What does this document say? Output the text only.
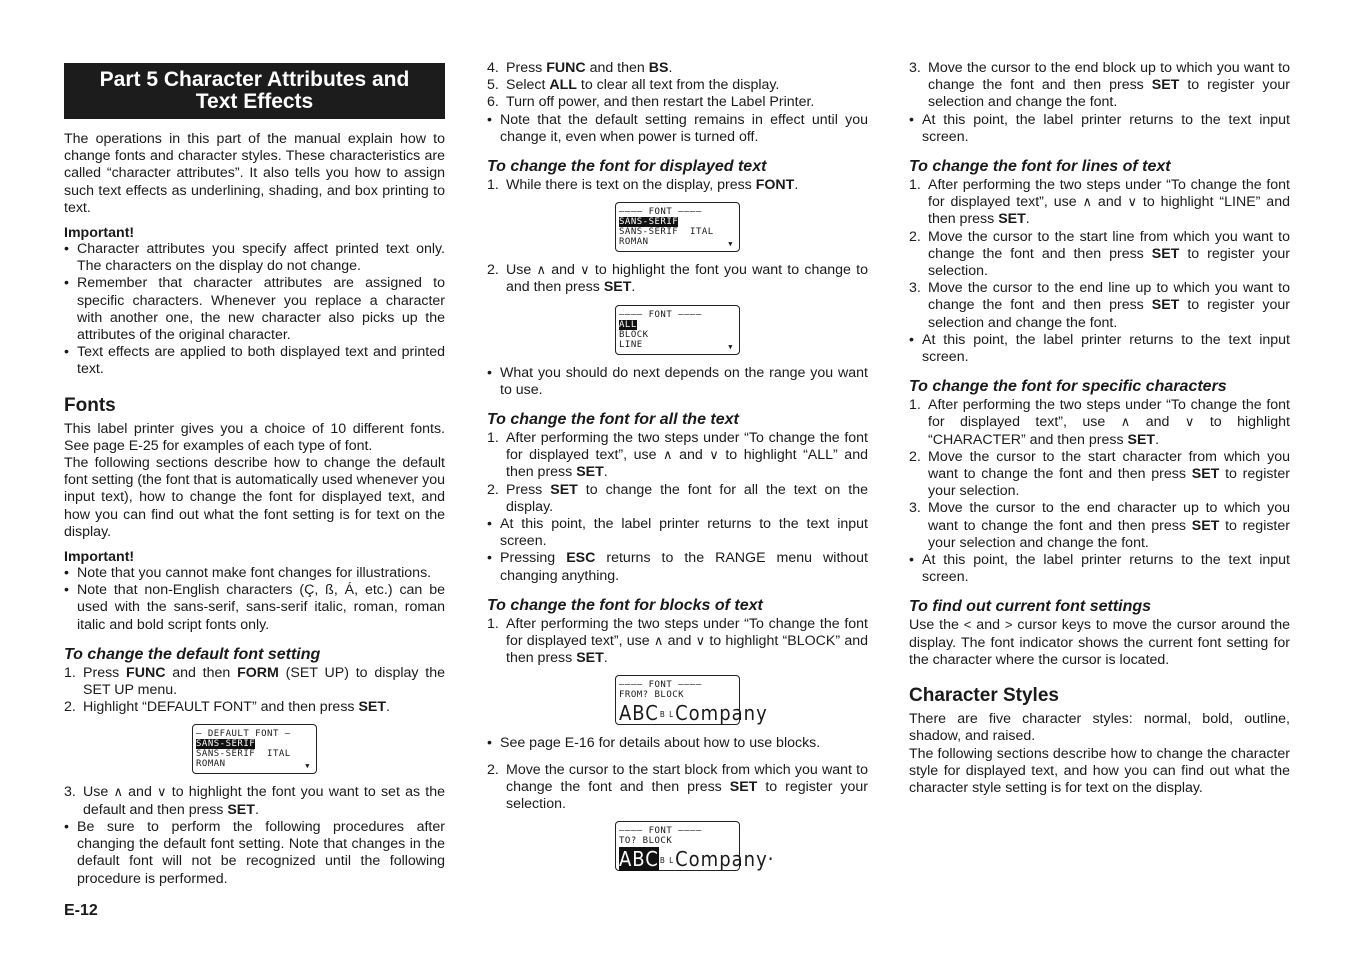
Part 5 Character Attributes and
Text Effects

The operations in this part of the manual explain how to change fonts and character styles. These characteristics are called “character attributes”. It also tells you how to assign such text effects as underlining, shading, and box printing to text.

Important!
• Character attributes you specify affect printed text only. The characters on the display do not change.
• Remember that character attributes are assigned to specific characters. Whenever you replace a character with another one, the new character also picks up the attributes of the original character.
• Text effects are applied to both displayed text and printed text.
Fonts

This label printer gives you a choice of 10 different fonts. See page E-25 for examples of each type of font.

The following sections describe how to change the default font setting (the font that is automatically used whenever you input text), how to change the font for displayed text, and how you can find out what the font setting is for text on the display.

Important!
• Note that you cannot make font changes for illustrations.
• Note that non-English characters (Ç, ß, Á, etc.) can be used with the sans-serif, sans-serif italic, roman, roman italic and bold script fonts only.
To change the default font setting
1. Press FUNC and then FORM (SET UP) to display the SET UP menu.
2. Highlight “DEFAULT FONT” and then press SET.
– DEFAULT FONT –
SANS-SERIF
SANS-SERIF  ITAL
ROMAN	▼
3. Use ∧ and ∨ to highlight the font you want to set as the default and then press SET.
• Be sure to perform the following procedures after changing the default font setting. Note that changes in the default font will not be recognized until the following procedure is performed.
E-12
4. Press FUNC and then BS.
5. Select ALL to clear all text from the display.
6. Turn off power, and then restart the Label Printer.
• Note that the default setting remains in effect until you change it, even when power is turned off.
To change the font for displayed text
1. While there is text on the display, press FONT.
–––– FONT ––––
SANS-SERIF
SANS-SERIF  ITAL
ROMAN	▼
2. Use ∧ and ∨ to highlight the font you want to change to and then press SET.
–––– FONT ––––
ALL
BLOCK
LINE	▼
• What you should do next depends on the range you want to use.
To change the font for all the text
1. After performing the two steps under “To change the font for displayed text”, use ∧ and ∨ to highlight “ALL” and then press SET.
2. Press SET to change the font for all the text on the display.
• At this point, the label printer returns to the text input screen.
• Pressing ESC returns to the RANGE menu without changing anything.
To change the font for blocks of text
1. After performing the two steps under “To change the font for displayed text”, use ∧ and ∨ to highlight “BLOCK” and then press SET.
–––– FONT ––––
FROM? BLOCK
ABCB LCompany
• See page E-16 for details about how to use blocks.
2. Move the cursor to the start block from which you want to change the font and then press SET to register your selection.
–––– FONT ––––
TO? BLOCK
ABCB LCompany·
3. Move the cursor to the end block up to which you want to change the font and then press SET to register your selection and change the font.
• At this point, the label printer returns to the text input screen.
To change the font for lines of text
1. After performing the two steps under “To change the font for displayed text”, use ∧ and ∨ to highlight “LINE” and then press SET.
2. Move the cursor to the start line from which you want to change the font and then press SET to register your selection.
3. Move the cursor to the end line up to which you want to change the font and then press SET to register your selection and change the font.
• At this point, the label printer returns to the text input screen.
To change the font for specific characters
1. After performing the two steps under “To change the font for displayed text”, use ∧ and ∨ to highlight “CHARACTER” and then press SET.
2. Move the cursor to the start character from which you want to change the font and then press SET to register your selection.
3. Move the cursor to the end character up to which you want to change the font and then press SET to register your selection and change the font.
• At this point, the label printer returns to the text input screen.
To find out current font settings

Use the < and > cursor keys to move the cursor around the display. The font indicator shows the current font setting for the character where the cursor is located.

Character Styles

There are five character styles: normal, bold, outline, shadow, and raised.

The following sections describe how to change the character style for displayed text, and how you can find out what the character style setting is for text on the display.
